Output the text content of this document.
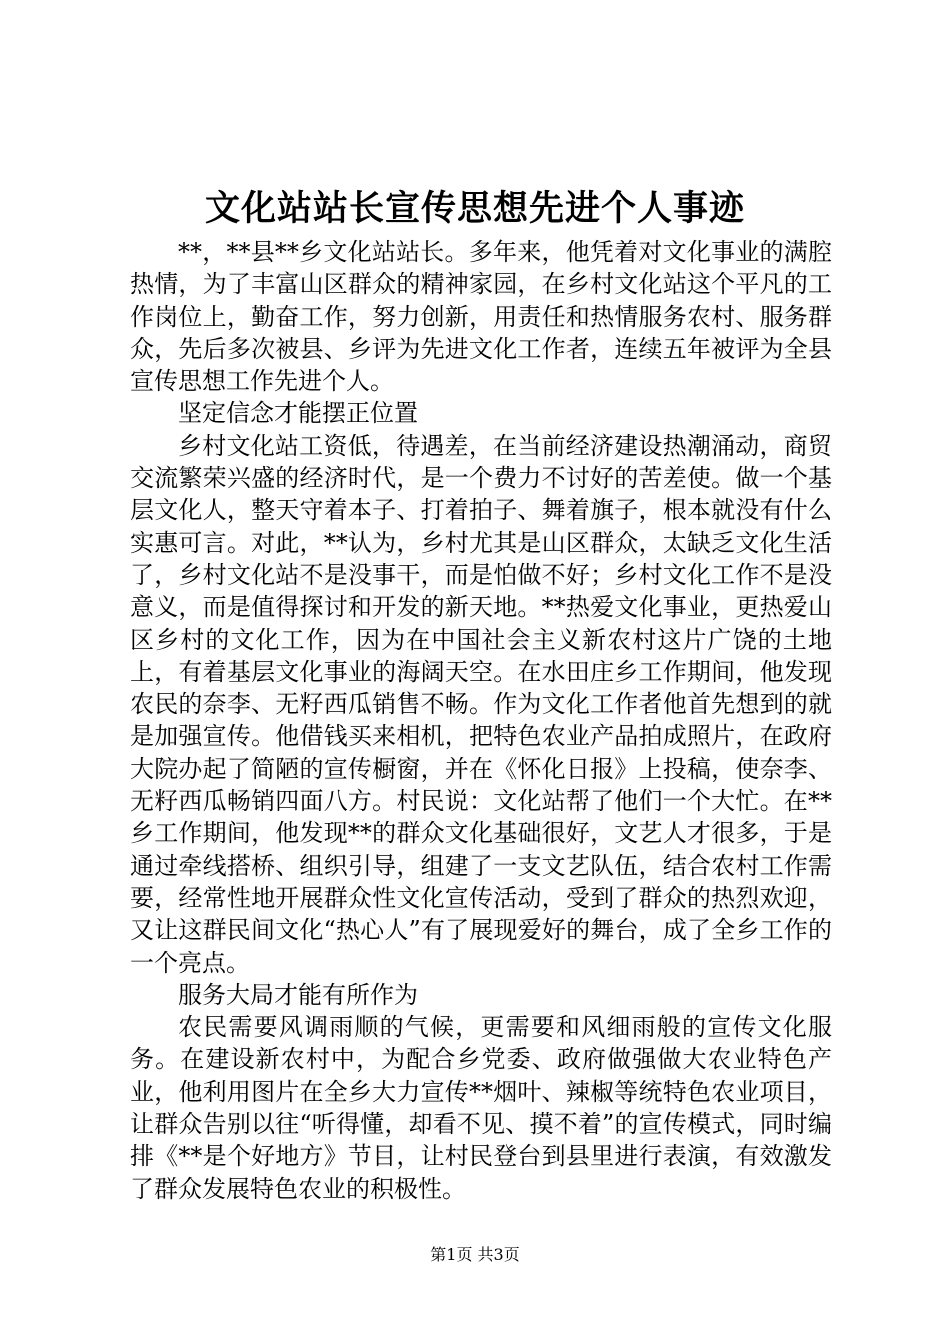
文化站站长宣传思想先进个人事迹

**，**县**乡文化站站长。多年来，他凭着对文化事业的满腔热情，为了丰富山区群众的精神家园，在乡村文化站这个平凡的工作岗位上，勤奋工作，努力创新，用责任和热情服务农村、服务群众，先后多次被县、乡评为先进文化工作者，连续五年被评为全县宣传思想工作先进个人。

坚定信念才能摆正位置

乡村文化站工资低，待遇差，在当前经济建设热潮涌动，商贸交流繁荣兴盛的经济时代，是一个费力不讨好的苦差使。做一个基层文化人，整天守着本子、打着拍子、舞着旗子，根本就没有什么实惠可言。对此，**认为，乡村尤其是山区群众，太缺乏文化生活了，乡村文化站不是没事干，而是怕做不好；乡村文化工作不是没意义，而是值得探讨和开发的新天地。**热爱文化事业，更热爱山区乡村的文化工作，因为在中国社会主义新农村这片广饶的土地上，有着基层文化事业的海阔天空。在水田庄乡工作期间，他发现农民的奈李、无籽西瓜销售不畅。作为文化工作者他首先想到的就是加强宣传。他借钱买来相机，把特色农业产品拍成照片，在政府大院办起了简陋的宣传橱窗，并在《怀化日报》上投稿，使奈李、无籽西瓜畅销四面八方。村民说：文化站帮了他们一个大忙。在**乡工作期间，他发现**的群众文化基础很好，文艺人才很多，于是通过牵线搭桥、组织引导，组建了一支文艺队伍，结合农村工作需要，经常性地开展群众性文化宣传活动，受到了群众的热烈欢迎，又让这群民间文化“热心人”有了展现爱好的舞台，成了全乡工作的一个亮点。

服务大局才能有所作为

农民需要风调雨顺的气候，更需要和风细雨般的宣传文化服务。在建设新农村中，为配合乡党委、政府做强做大农业特色产业，他利用图片在全乡大力宣传**烟叶、辣椒等统特色农业项目，让群众告别以往“听得懂，却看不见、摸不着”的宣传模式，同时编排《**是个好地方》节目，让村民登台到县里进行表演，有效激发了群众发展特色农业的积极性。

第1页 共3页
